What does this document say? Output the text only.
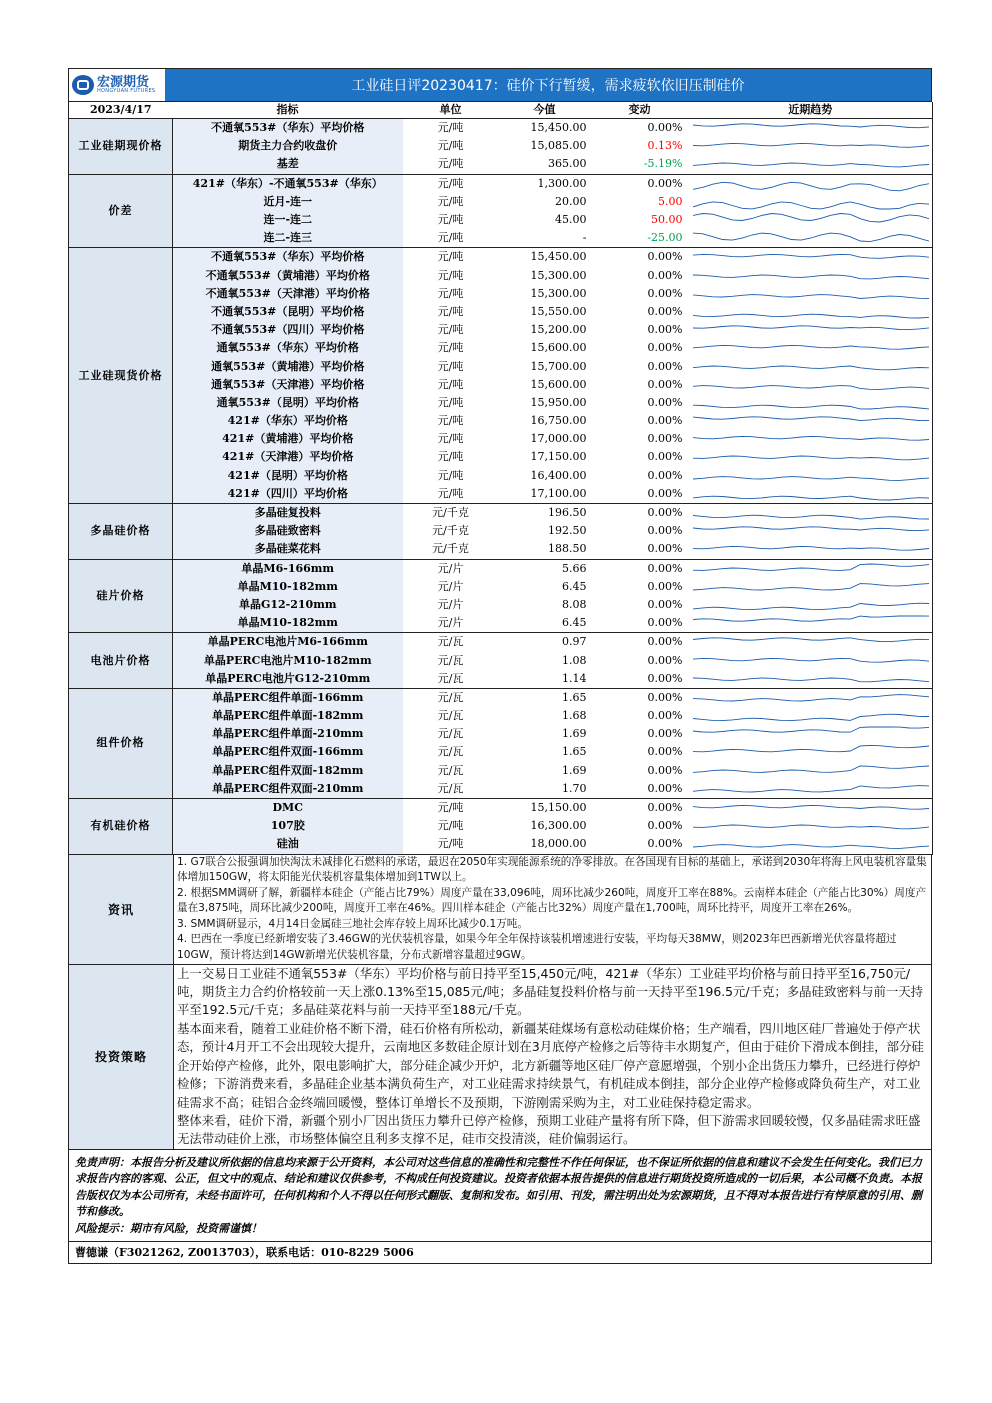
宏源期货
HONGYUAN FUTURES	工业硅日评20230417：硅价下行暂缓，需求疲软依旧压制硅价
2023/4/17	指标	单位	今值	变动	近期趋势
工业硅期现价格	不通氧553#（华东）平均价格	元/吨	15,450.00	0.00%	

	期货主力合约收盘价	元/吨	15,085.00	0.13%	

	基差	元/吨	365.00	-5.19%	

价差	421#（华东）-不通氧553#（华东）	元/吨	1,300.00	0.00%	

	近月-连一	元/吨	20.00	5.00	

	连一-连二	元/吨	45.00	50.00	

	连二-连三	元/吨	-	-25.00	

工业硅现货价格	不通氧553#（华东）平均价格	元/吨	15,450.00	0.00%	

	不通氧553#（黄埔港）平均价格	元/吨	15,300.00	0.00%	

	不通氧553#（天津港）平均价格	元/吨	15,300.00	0.00%	

	不通氧553#（昆明）平均价格	元/吨	15,550.00	0.00%	

	不通氧553#（四川）平均价格	元/吨	15,200.00	0.00%	

	通氧553#（华东）平均价格	元/吨	15,600.00	0.00%	

	通氧553#（黄埔港）平均价格	元/吨	15,700.00	0.00%	

	通氧553#（天津港）平均价格	元/吨	15,600.00	0.00%	

	通氧553#（昆明）平均价格	元/吨	15,950.00	0.00%	

	421#（华东）平均价格	元/吨	16,750.00	0.00%	

	421#（黄埔港）平均价格	元/吨	17,000.00	0.00%	

	421#（天津港）平均价格	元/吨	17,150.00	0.00%	

	421#（昆明）平均价格	元/吨	16,400.00	0.00%	

	421#（四川）平均价格	元/吨	17,100.00	0.00%	

多晶硅价格	多晶硅复投料	元/千克	196.50	0.00%	

	多晶硅致密料	元/千克	192.50	0.00%	

	多晶硅菜花料	元/千克	188.50	0.00%	

硅片价格	单晶M6-166mm	元/片	5.66	0.00%	

	单晶M10-182mm	元/片	6.45	0.00%	

	单晶G12-210mm	元/片	8.08	0.00%	

	单晶M10-182mm	元/片	6.45	0.00%	

电池片价格	单晶PERC电池片M6-166mm	元/瓦	0.97	0.00%	

	单晶PERC电池片M10-182mm	元/瓦	1.08	0.00%	

	单晶PERC电池片G12-210mm	元/瓦	1.14	0.00%	

组件价格	单晶PERC组件单面-166mm	元/瓦	1.65	0.00%	

	单晶PERC组件单面-182mm	元/瓦	1.68	0.00%	

	单晶PERC组件单面-210mm	元/瓦	1.69	0.00%	

	单晶PERC组件双面-166mm	元/瓦	1.65	0.00%	

	单晶PERC组件双面-182mm	元/瓦	1.69	0.00%	

	单晶PERC组件双面-210mm	元/瓦	1.70	0.00%	

有机硅价格	DMC	元/吨	15,150.00	0.00%	

	107胶	元/吨	16,300.00	0.00%	

	硅油	元/吨	18,000.00	0.00%	
资讯

1. G7联合公报强调加快淘汰未减排化石燃料的承诺，最迟在2050年实现能源系统的净零排放。在各国现有目标的基础上，承诺到2030年将海上风电装机容量集体增加150GW，将太阳能光伏装机容量集体增加到1TW以上。

2. 根据SMM调研了解，新疆样本硅企（产能占比79%）周度产量在33,096吨，周环比减少260吨，周度开工率在88%。云南样本硅企（产能占比30%）周度产量在3,875吨，周环比减少200吨，周度开工率在46%。四川样本硅企（产能占比32%）周度产量在1,700吨，周环比持平，周度开工率在26%。

3. SMM调研显示，4月14日金属硅三地社会库存较上周环比减少0.1万吨。

4. 巴西在一季度已经新增安装了3.46GW的光伏装机容量，如果今年全年保持该装机增速进行安装，平均每天38MW，则2023年巴西新增光伏容量将超过10GW，预计将达到14GW新增光伏装机容量，分布式新增容量超过9GW。

投资策略

上一交易日工业硅不通氧553#（华东）平均价格与前日持平至15,450元/吨，421#（华东）工业硅平均价格与前日持平至16,750元/吨，期货主力合约价格较前一天上涨0.13%至15,085元/吨；多晶硅复投料价格与前一天持平至196.5元/千克；多晶硅致密料与前一天持平至192.5元/千克；多晶硅菜花料与前一天持平至188元/千克。

基本面来看，随着工业硅价格不断下滑，硅石价格有所松动，新疆某硅煤场有意松动硅煤价格；生产端看，四川地区硅厂普遍处于停产状态，预计4月开工不会出现较大提升，云南地区多数硅企原计划在3月底停产检修之后等待丰水期复产，但由于硅价下滑成本倒挂，部分硅企开始停产检修，此外，限电影响扩大，部分硅企减少开炉，北方新疆等地区硅厂停产意愿增强，个别小企出货压力攀升，已经进行停炉检修；下游消费来看，多晶硅企业基本满负荷生产，对工业硅需求持续景气，有机硅成本倒挂，部分企业停产检修或降负荷生产，对工业硅需求不高；硅铝合金终端回暖慢，整体订单增长不及预期，下游刚需采购为主，对工业硅保持稳定需求。

整体来看，硅价下滑，新疆个别小厂因出货压力攀升已停产检修，预期工业硅产量将有所下降，但下游需求回暖较慢，仅多晶硅需求旺盛无法带动硅价上涨，市场整体偏空且利多支撑不足，硅市交投清淡，硅价偏弱运行。

免责声明：本报告分析及建议所依据的信息均来源于公开资料，本公司对这些信息的准确性和完整性不作任何保证，也不保证所依据的信息和建议不会发生任何变化。我们已力求报告内容的客观、公正，但文中的观点、结论和建议仅供参考，不构成任何投资建议。投资者依据本报告提供的信息进行期货投资所造成的一切后果，本公司概不负责。本报告版权仅为本公司所有，未经书面许可，任何机构和个人不得以任何形式翻版、复制和发布。如引用、刊发，需注明出处为宏源期货，且不得对本报告进行有悖原意的引用、删节和修改。
风险提示：期市有风险，投资需谨慎！
曹德谦（F3021262, Z0013703），联系电话：010-8229 5006
